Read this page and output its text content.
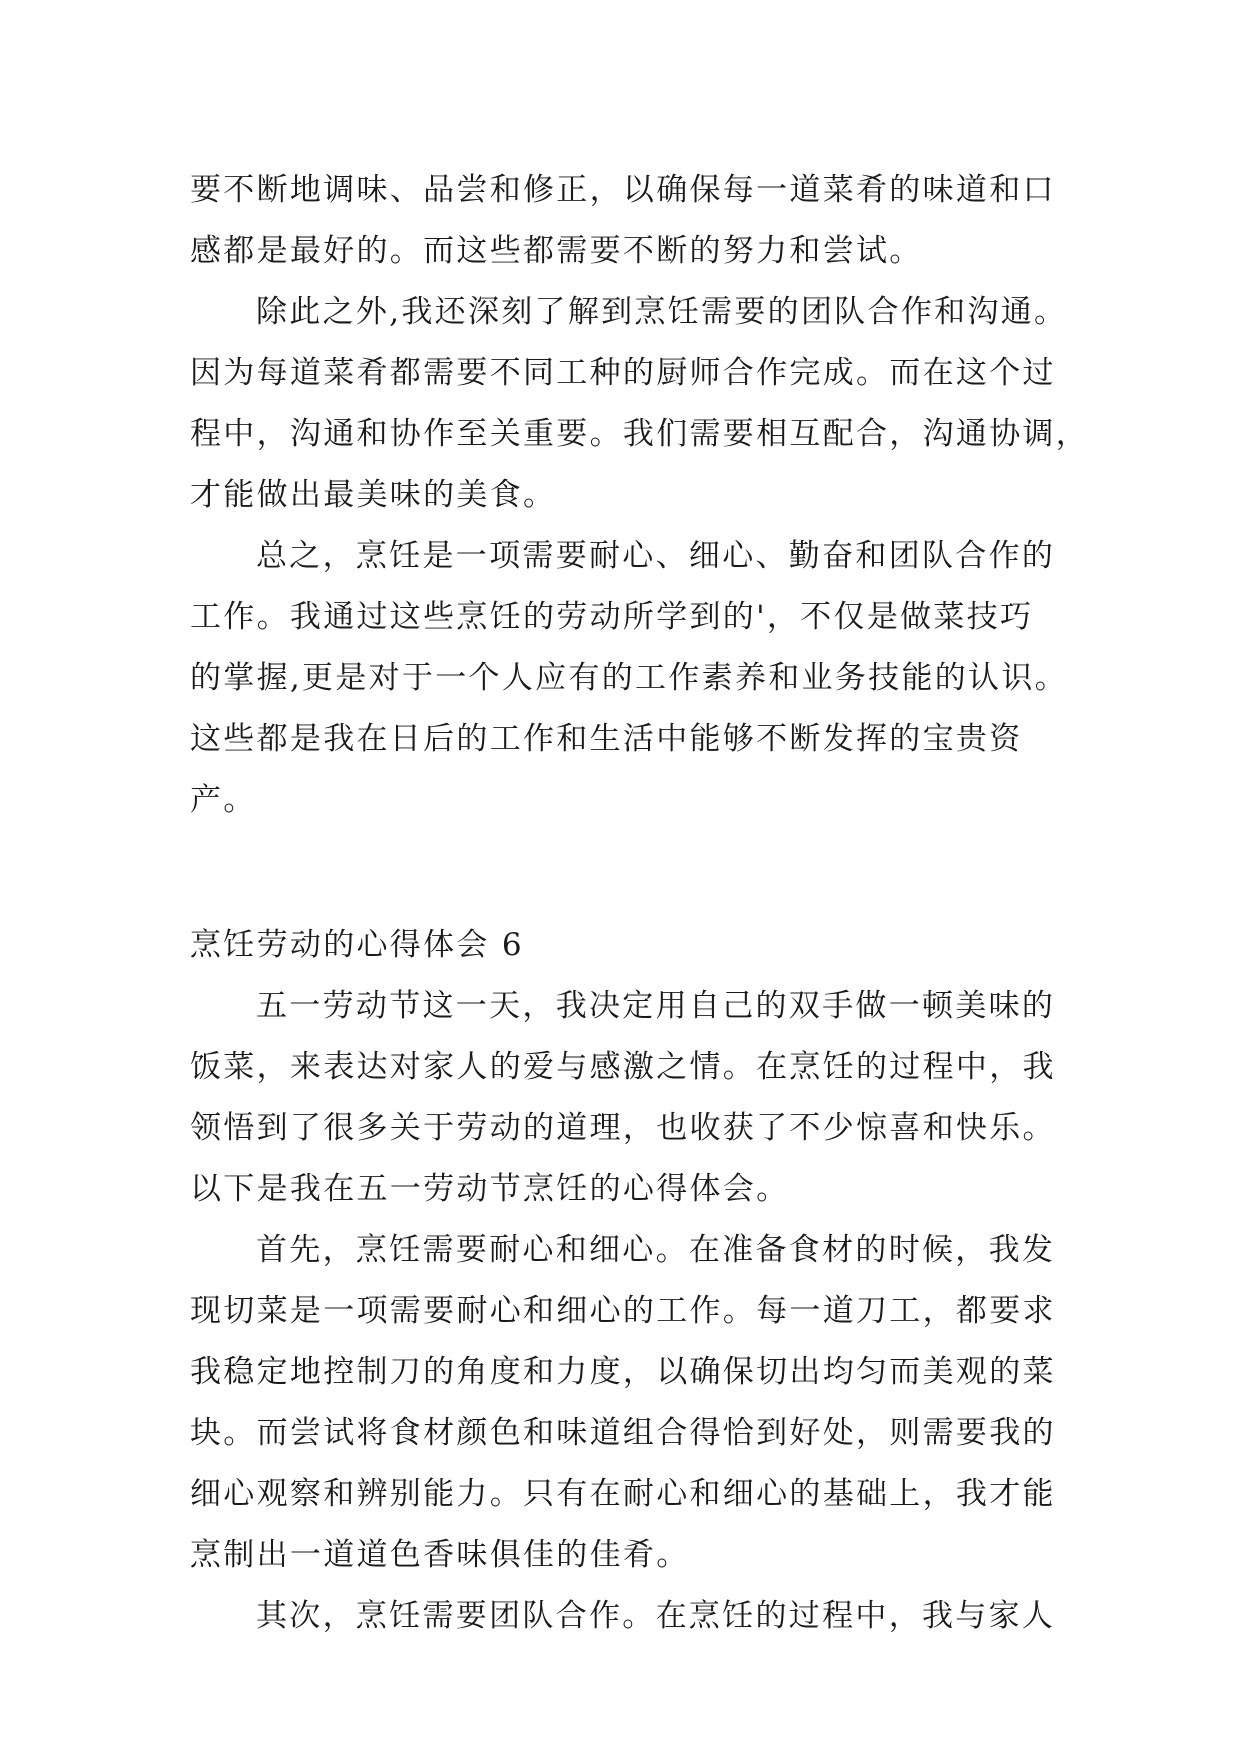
要不断地调味、品尝和修正，以确保每一道菜肴的味道和口
感都是最好的。而这些都需要不断的努力和尝试。
除此之外,我还深刻了解到烹饪需要的团队合作和沟通。
因为每道菜肴都需要不同工种的厨师合作完成。而在这个过
程中，沟通和协作至关重要。我们需要相互配合，沟通协调，
才能做出最美味的美食。
总之，烹饪是一项需要耐心、细心、勤奋和团队合作的
工作。我通过这些烹饪的劳动所学到的'，不仅是做菜技巧
的掌握,更是对于一个人应有的工作素养和业务技能的认识。
这些都是我在日后的工作和生活中能够不断发挥的宝贵资
产。
烹饪劳动的心得体会 6
五一劳动节这一天，我决定用自己的双手做一顿美味的
饭菜，来表达对家人的爱与感激之情。在烹饪的过程中，我
领悟到了很多关于劳动的道理，也收获了不少惊喜和快乐。
以下是我在五一劳动节烹饪的心得体会。
首先，烹饪需要耐心和细心。在准备食材的时候，我发
现切菜是一项需要耐心和细心的工作。每一道刀工，都要求
我稳定地控制刀的角度和力度，以确保切出均匀而美观的菜
块。而尝试将食材颜色和味道组合得恰到好处，则需要我的
细心观察和辨别能力。只有在耐心和细心的基础上，我才能
烹制出一道道色香味俱佳的佳肴。
其次，烹饪需要团队合作。在烹饪的过程中，我与家人
